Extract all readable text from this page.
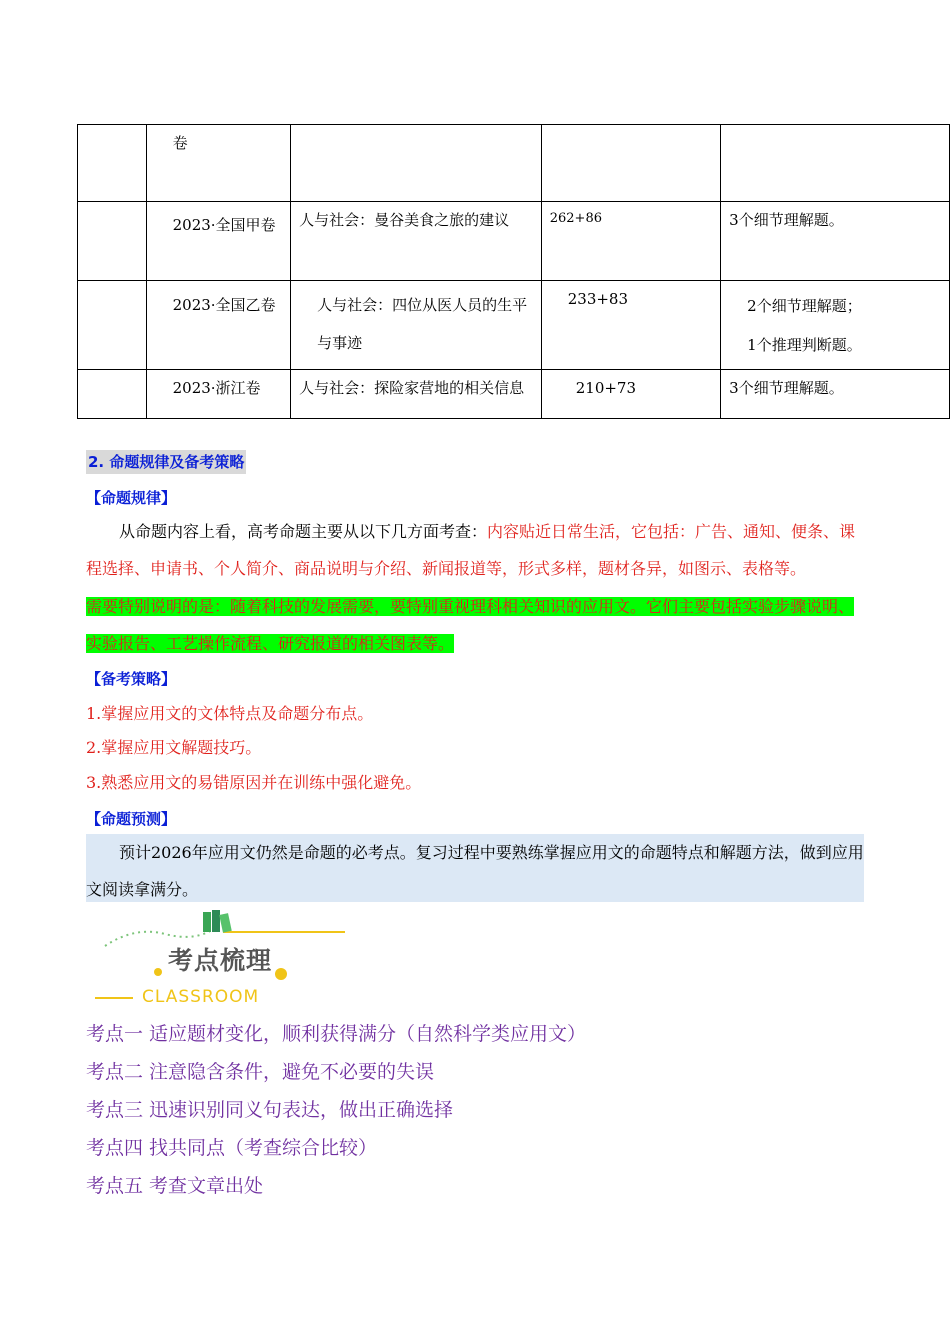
	卷			
	2023·全国甲卷	人与社会：曼谷美食之旅的建议	262+86	3个细节理解题。
	2023·全国乙卷	人与社会：四位从医人员的生平与事迹	233+83	2个细节理解题；
1个推理判断题。

	2023·浙江卷	人与社会：探险家营地的相关信息	210+73	3个细节理解题。
2. 命题规律及备考策略
【命题规律】
从命题内容上看，高考命题主要从以下几方面考查：内容贴近日常生活，它包括：广告、通知、便条、课程选择、申请书、个人简介、商品说明与介绍、新闻报道等，形式多样，题材各异，如图示、表格等。
需要特别说明的是：随着科技的发展需要，要特别重视理科相关知识的应用文。它们主要包括实验步骤说明、实验报告、工艺操作流程、研究报道的相关图表等。
【备考策略】
1.掌握应用文的文体特点及命题分布点。
2.掌握应用文解题技巧。
3.熟悉应用文的易错原因并在训练中强化避免。
【命题预测】

预计2026年应用文仍然是命题的必考点。复习过程中要熟练掌握应用文的命题特点和解题方法，做到应用文阅读拿满分。

考点梳理
CLASSROOM
考点一 适应题材变化，顺利获得满分（自然科学类应用文）
考点二 注意隐含条件，避免不必要的失误
考点三 迅速识别同义句表达，做出正确选择
考点四 找共同点（考查综合比较）
考点五 考查文章出处
